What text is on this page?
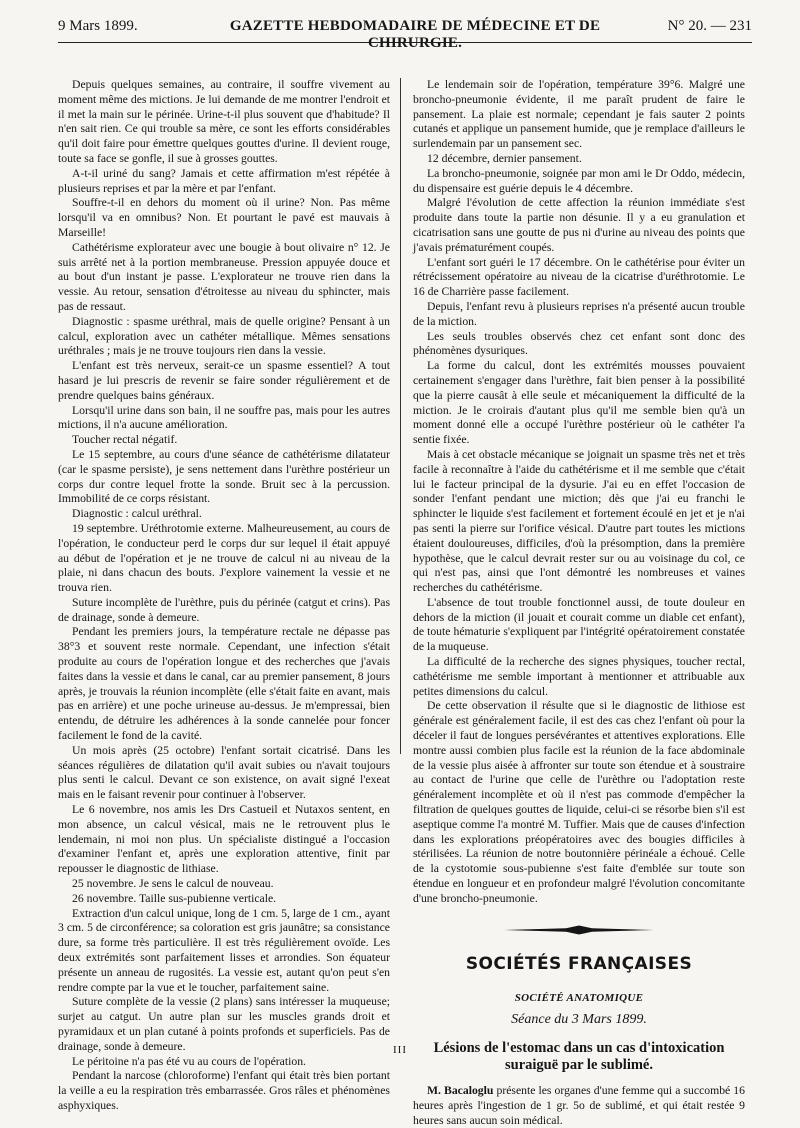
9 Mars 1899.	GAZETTE HEBDOMADAIRE DE MÉDECINE ET DE CHIRURGIE.
N° 20. — 231

Depuis quelques semaines, au contraire, il souffre vivement au moment même des mictions. Je lui demande de me montrer l'endroit et il met la main sur le périnée. Urine-t-il plus souvent que d'habitude? Il n'en sait rien. Ce qui trouble sa mère, ce sont les efforts considérables qu'il doit faire pour émettre quelques gouttes d'urine. Il devient rouge, toute sa face se gonfle, il sue à grosses gouttes.

A-t-il uriné du sang? Jamais et cette affirmation m'est répétée à plusieurs reprises et par la mère et par l'enfant.

Souffre-t-il en dehors du moment où il urine? Non. Pas même lorsqu'il va en omnibus? Non. Et pourtant le pavé est mauvais à Marseille!

Cathétérisme explorateur avec une bougie à bout olivaire n° 12. Je suis arrêté net à la portion membraneuse. Pression appuyée douce et au bout d'un instant je passe. L'explorateur ne trouve rien dans la vessie. Au retour, sensation d'étroitesse au niveau du sphincter, mais pas de ressaut.

Diagnostic : spasme uréthral, mais de quelle origine? Pensant à un calcul, exploration avec un cathéter métallique. Mêmes sensations uréthrales ; mais je ne trouve toujours rien dans la vessie.

L'enfant est très nerveux, serait-ce un spasme essentiel? A tout hasard je lui prescris de revenir se faire sonder régulièrement et de prendre quelques bains généraux.

Lorsqu'il urine dans son bain, il ne souffre pas, mais pour les autres mictions, il n'a aucune amélioration.

Toucher rectal négatif.

Le 15 septembre, au cours d'une séance de cathétérisme dilatateur (car le spasme persiste), je sens nettement dans l'urèthre postérieur un corps dur contre lequel frotte la sonde. Bruit sec à la percussion. Immobilité de ce corps résistant.

Diagnostic : calcul uréthral.

19 septembre. Uréthrotomie externe. Malheureusement, au cours de l'opération, le conducteur perd le corps dur sur lequel il était appuyé au début de l'opération et je ne trouve de calcul ni au niveau de la plaie, ni dans chacun des bouts. J'explore vainement la vessie et ne trouva rien.

Suture incomplète de l'urèthre, puis du périnée (catgut et crins). Pas de drainage, sonde à demeure.

Pendant les premiers jours, la température rectale ne dépasse pas 38°3 et souvent reste normale. Cependant, une infection s'était produite au cours de l'opération longue et des recherches que j'avais faites dans la vessie et dans le canal, car au premier pansement, 8 jours après, je trouvais la réunion incomplète (elle s'était faite en avant, mais pas en arrière) et une poche urineuse au-dessus. Je m'empressai, bien entendu, de détruire les adhérences à la sonde cannelée pour foncer facilement le fond de la cavité.

Un mois après (25 octobre) l'enfant sortait cicatrisé. Dans les séances régulières de dilatation qu'il avait subies ou n'avait toujours plus senti le calcul. Devant ce son existence, on avait signé l'exeat mais en le faisant revenir pour continuer à l'observer.

Le 6 novembre, nos amis les Drs Castueil et Nutaxos sentent, en mon absence, un calcul vésical, mais ne le retrouvent plus le lendemain, ni moi non plus. Un spécialiste distingué a l'occasion d'examiner l'enfant et, après une exploration attentive, finit par repousser le diagnostic de lithiase.

25 novembre. Je sens le calcul de nouveau.

26 novembre. Taille sus-pubienne verticale.

Extraction d'un calcul unique, long de 1 cm. 5, large de 1 cm., ayant 3 cm. 5 de circonférence; sa coloration est gris jaunâtre; sa consistance dure, sa forme très particulière. Il est très régulièrement ovoïde. Les deux extrémités sont parfaitement lisses et arrondies. Son équateur présente un anneau de rugosités. La vessie est, autant qu'on peut s'en rendre compte par la vue et le toucher, parfaitement saine.

Suture complète de la vessie (2 plans) sans intéresser la muqueuse; surjet au catgut. Un autre plan sur les muscles grands droit et pyramidaux et un plan cutané à points profonds et superficiels. Pas de drainage, sonde à demeure.

Le péritoine n'a pas été vu au cours de l'opération.

Pendant la narcose (chloroforme) l'enfant qui était très bien portant la veille a eu la respiration très embarrassée. Gros râles et phénomènes asphyxiques.

Le lendemain soir de l'opération, température 39°6. Malgré une broncho-pneumonie évidente, il me paraît prudent de faire le pansement. La plaie est normale; cependant je fais sauter 2 points cutanés et applique un pansement humide, que je remplace d'ailleurs le surlendemain par un pansement sec.

12 décembre, dernier pansement.

La broncho-pneumonie, soignée par mon ami le Dr Oddo, médecin, du dispensaire est guérie depuis le 4 décembre.

Malgré l'évolution de cette affection la réunion immédiate s'est produite dans toute la partie non désunie. Il y a eu granulation et cicatrisation sans une goutte de pus ni d'urine au niveau des points que j'avais prématurément coupés.

L'enfant sort guéri le 17 décembre. On le cathétérise pour éviter un rétrécissement opératoire au niveau de la cicatrise d'uréthrotomie. Le 16 de Charrière passe facilement.

Depuis, l'enfant revu à plusieurs reprises n'a présenté aucun trouble de la miction.

Les seuls troubles observés chez cet enfant sont donc des phénomènes dysuriques.

La forme du calcul, dont les extrémités mousses pouvaient certainement s'engager dans l'urèthre, fait bien penser à la possibilité que la pierre causât à elle seule et mécaniquement la difficulté de la miction. Je le croirais d'autant plus qu'il me semble bien qu'à un moment donné elle a occupé l'urèthre postérieur où le cathéter l'a sentie fixée.

Mais à cet obstacle mécanique se joignait un spasme très net et très facile à reconnaître à l'aide du cathétérisme et il me semble que c'était lui le facteur principal de la dysurie. J'ai eu en effet l'occasion de sonder l'enfant pendant une miction; dès que j'ai eu franchi le sphincter le liquide s'est facilement et fortement écoulé en jet et je n'ai pas senti la pierre sur l'orifice vésical. D'autre part toutes les mictions étaient douloureuses, difficiles, d'où la présomption, dans la première hypothèse, que le calcul devrait rester sur ou au voisinage du col, ce qui n'est pas, ainsi que l'ont démontré les nombreuses et vaines recherches du cathétérisme.

L'absence de tout trouble fonctionnel aussi, de toute douleur en dehors de la miction (il jouait et courait comme un diable cet enfant), de toute hématurie s'expliquent par l'intégrité opératoirement constatée de la muqueuse.

La difficulté de la recherche des signes physiques, toucher rectal, cathétérisme me semble important à mentionner et attribuable aux petites dimensions du calcul.

De cette observation il résulte que si le diagnostic de lithiose est générale est généralement facile, il est des cas chez l'enfant où pour la déceler il faut de longues persévérantes et attentives explorations. Elle montre aussi combien plus facile est la réunion de la face abdominale de la vessie plus aisée à affronter sur toute son étendue et à soustraire au contact de l'urine que celle de l'urèthre ou l'adoptation reste généralement incomplète et où il n'est pas commode d'empêcher la filtration de quelques gouttes de liquide, celui-ci se résorbe bien s'il est aseptique comme l'a montré M. Tuffier. Mais que de causes d'infection dans les explorations préopératoires avec des bougies difficiles à stérilisées. La réunion de notre boutonnière périnéale a échoué. Celle de la cystotomie sous-pubienne s'est faite d'emblée sur toute son étendue en longueur et en profondeur malgré l'évolution concomitante d'une broncho-pneumonie.

SOCIÉTÉS FRANÇAISES
SOCIÉTÉ ANATOMIQUE
Séance du 3 Mars 1899.
Lésions de l'estomac dans un cas d'intoxication suraiguë par le sublimé.

M. Bacaloglu présente les organes d'une femme qui a succombé 16 heures après l'ingestion de 1 gr. 5o de sublimé, et qui était restée 9 heures sans aucun soin médical.

III
